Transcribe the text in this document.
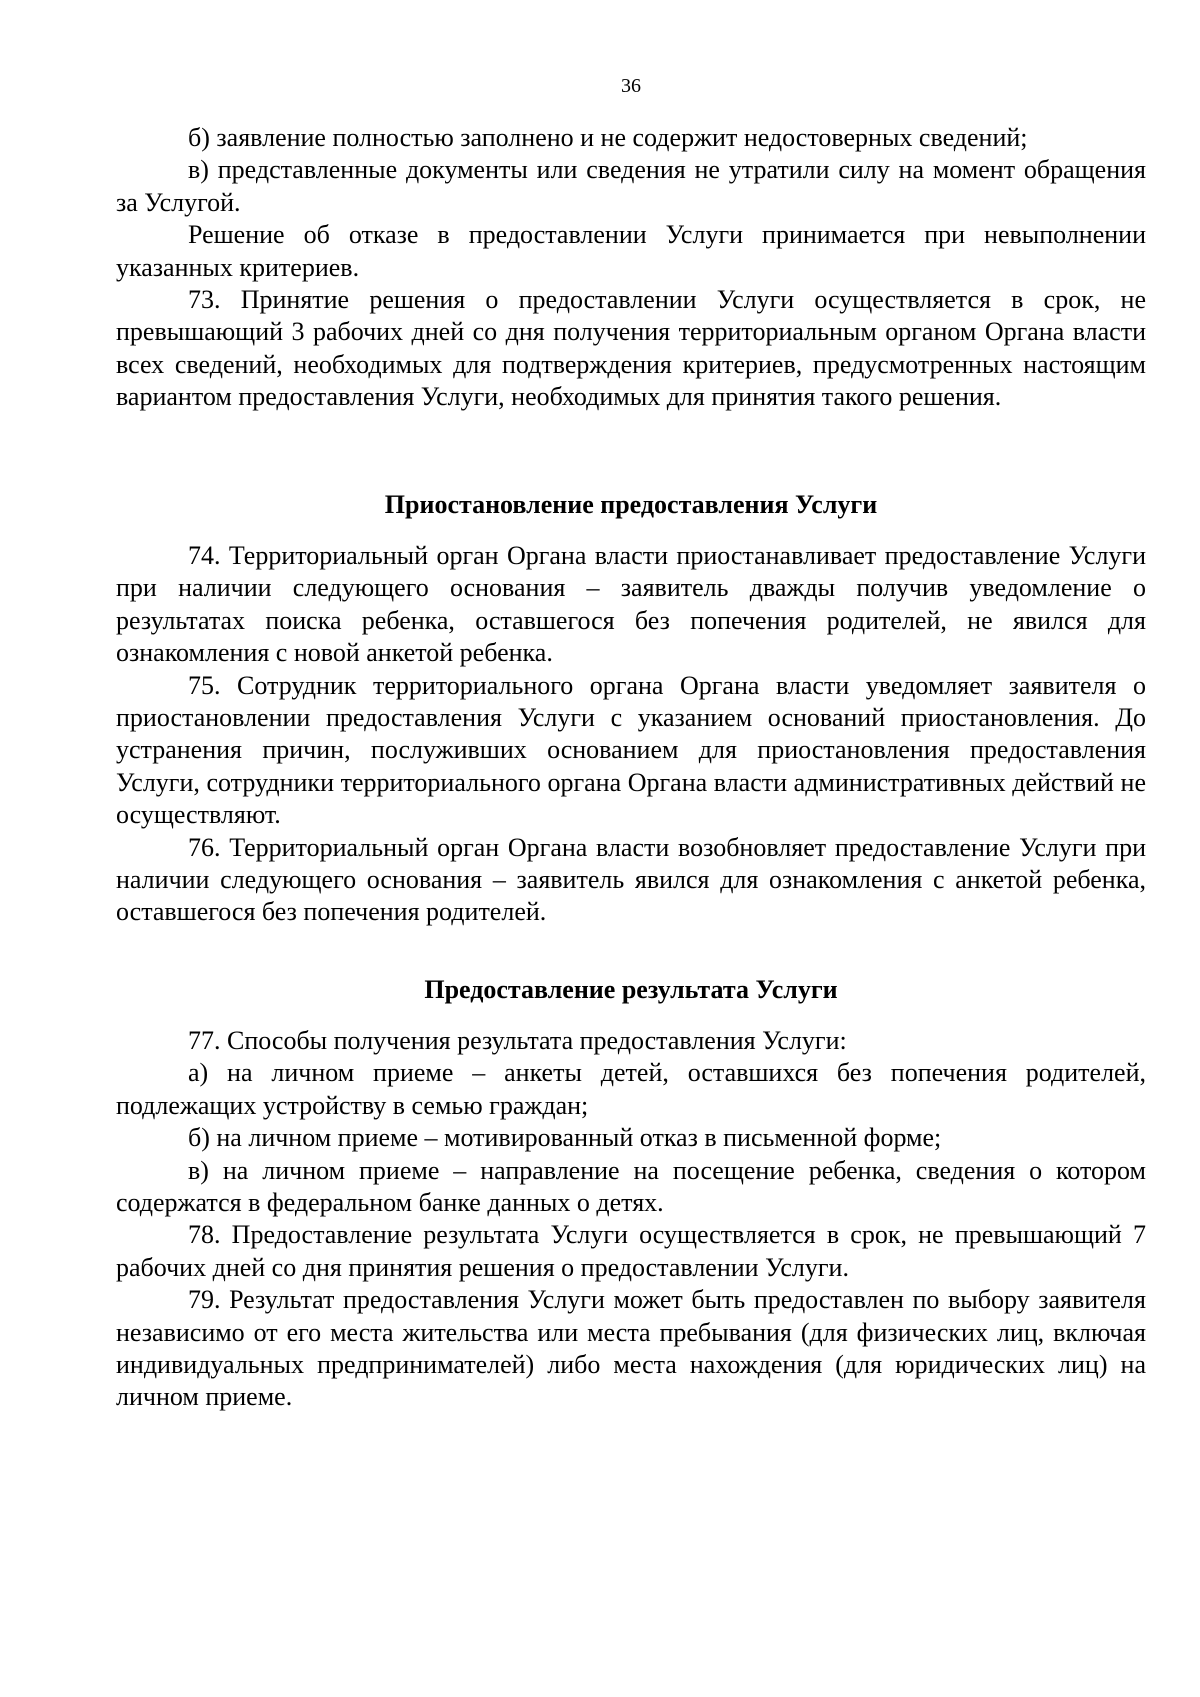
36

б) заявление полностью заполнено и не содержит недостоверных сведений;

в) представленные документы или сведения не утратили силу на момент обращения за Услугой.

Решение об отказе в предоставлении Услуги принимается при невыполнении указанных критериев.

73. Принятие решения о предоставлении Услуги осуществляется в срок, не превышающий 3 рабочих дней со дня получения территориальным органом Органа власти всех сведений, необходимых для подтверждения критериев, предусмотренных настоящим вариантом предоставления Услуги, необходимых для принятия такого решения.

Приостановление предоставления Услуги

74. Территориальный орган Органа власти приостанавливает предоставление Услуги при наличии следующего основания – заявитель дважды получив уведомление о результатах поиска ребенка, оставшегося без попечения родителей, не явился для ознакомления с новой анкетой ребенка.

75. Сотрудник территориального органа Органа власти уведомляет заявителя о приостановлении предоставления Услуги с указанием оснований приостановления. До устранения причин, послуживших основанием для приостановления предоставления Услуги, сотрудники территориального органа Органа власти административных действий не осуществляют.

76. Территориальный орган Органа власти возобновляет предоставление Услуги при наличии следующего основания – заявитель явился для ознакомления с анкетой ребенка, оставшегося без попечения родителей.

Предоставление результата Услуги

77. Способы получения результата предоставления Услуги:

а) на личном приеме – анкеты детей, оставшихся без попечения родителей, подлежащих устройству в семью граждан;

б) на личном приеме – мотивированный отказ в письменной форме;

в) на личном приеме – направление на посещение ребенка, сведения о котором содержатся в федеральном банке данных о детях.

78. Предоставление результата Услуги осуществляется в срок, не превышающий 7 рабочих дней со дня принятия решения о предоставлении Услуги.

79. Результат предоставления Услуги может быть предоставлен по выбору заявителя независимо от его места жительства или места пребывания (для физических лиц, включая индивидуальных предпринимателей) либо места нахождения (для юридических лиц) на личном приеме.
